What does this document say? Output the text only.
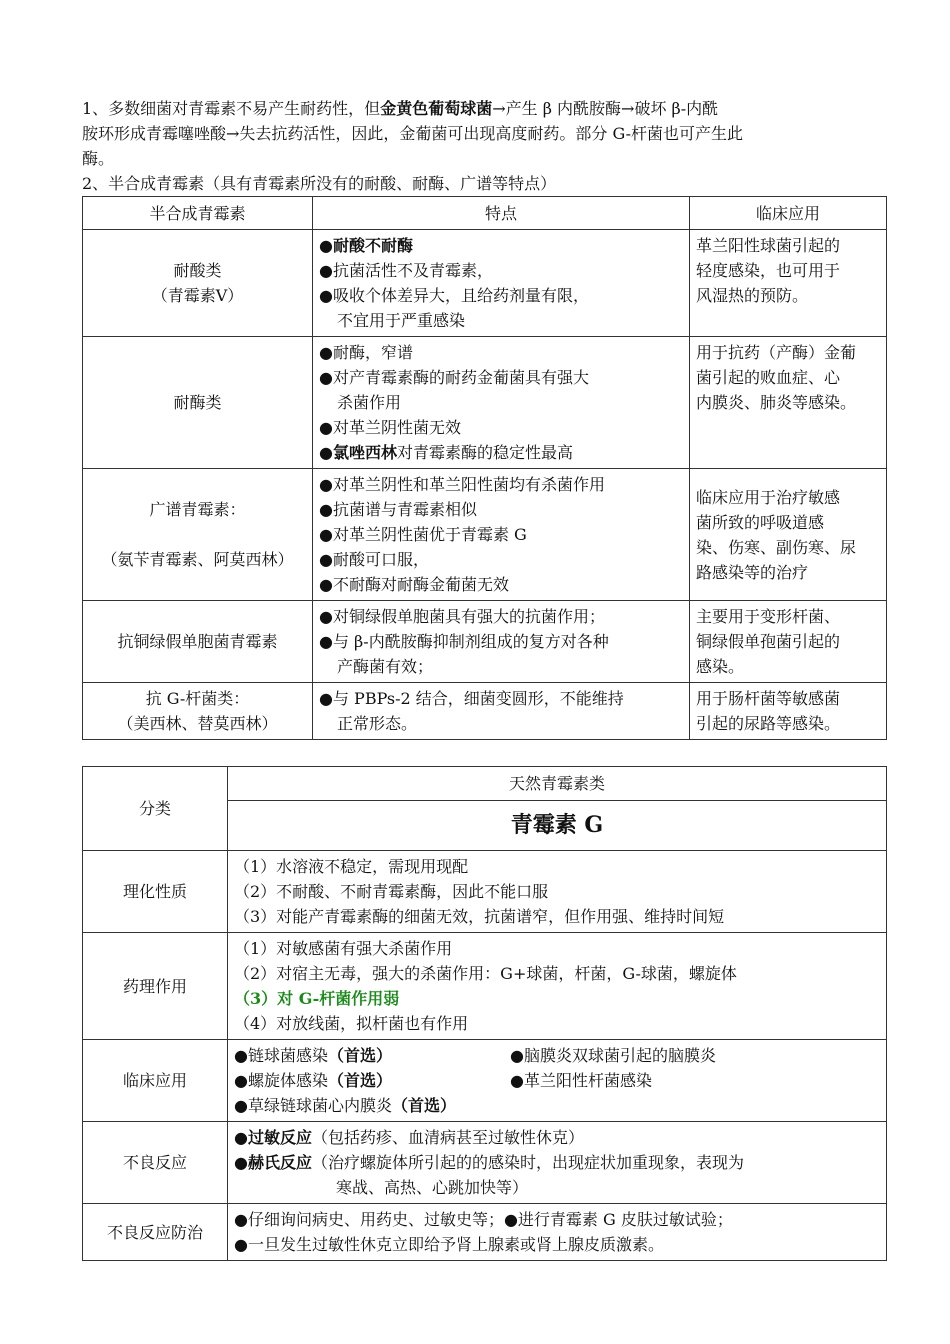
1、多数细菌对青霉素不易产生耐药性，但金黄色葡萄球菌→产生 β 内酰胺酶→破坏 β-内酰

胺环形成青霉噻唑酸→失去抗药活性，因此，金葡菌可出现高度耐药。部分 G-杆菌也可产生此

酶。

2、半合成青霉素（具有青霉素所没有的耐酸、耐酶、广谱等特点）

半合成青霉素	特点	临床应用

耐酸类
（青霉素Ⅴ）	●耐酸不耐酶
●抗菌活性不及青霉素，
●吸收个体差异大，且给药剂量有限，
不宜用于严重感染	革兰阳性球菌引起的
轻度感染，也可用于
风湿热的预防。

耐酶类	●耐酶，窄谱
●对产青霉素酶的耐药金葡菌具有强大
杀菌作用
●对革兰阴性菌无效
●氯唑西林对青霉素酶的稳定性最高	用于抗药（产酶）金葡
菌引起的败血症、心
内膜炎、肺炎等感染。

广谱青霉素：

（氨苄青霉素、阿莫西林）	●对革兰阴性和革兰阳性菌均有杀菌作用
●抗菌谱与青霉素相似
●对革兰阴性菌优于青霉素 G
●耐酸可口服，
●不耐酶对耐酶金葡菌无效	临床应用于治疗敏感
菌所致的呼吸道感
染、伤寒、副伤寒、尿
路感染等的治疗

抗铜绿假单胞菌青霉素	●对铜绿假单胞菌具有强大的抗菌作用；
●与 β-内酰胺酶抑制剂组成的复方对各种
产酶菌有效；	主要用于变形杆菌、
铜绿假单孢菌引起的
感染。

抗 G-杆菌类：
（美西林、替莫西林）	●与 PBPs-2 结合，细菌变圆形，不能维持
正常形态。	用于肠杆菌等敏感菌
引起的尿路等感染。
分类	天然青霉素类
	青霉素 G
理化性质	（1）水溶液不稳定，需现用现配
（2）不耐酸、不耐青霉素酶，因此不能口服
（3）对能产青霉素酶的细菌无效，抗菌谱窄，但作用强、维持时间短

药理作用	（1）对敏感菌有强大杀菌作用
（2）对宿主无毒，强大的杀菌作用：G+球菌，杆菌，G-球菌，螺旋体
（3）对 G-杆菌作用弱
（4）对放线菌，拟杆菌也有作用

临床应用	●链球菌感染（首选） ●脑膜炎双球菌引起的脑膜炎
●螺旋体感染（首选） ●革兰阳性杆菌感染
●草绿链球菌心内膜炎（首选）

不良反应	●过敏反应（包括药疹、血清病甚至过敏性休克）
●赫氏反应（治疗螺旋体所引起的的感染时，出现症状加重现象，表现为
寒战、高热、心跳加快等）

不良反应防治	●仔细询问病史、用药史、过敏史等；●进行青霉素 G 皮肤过敏试验；
●一旦发生过敏性休克立即给予肾上腺素或肾上腺皮质激素。
